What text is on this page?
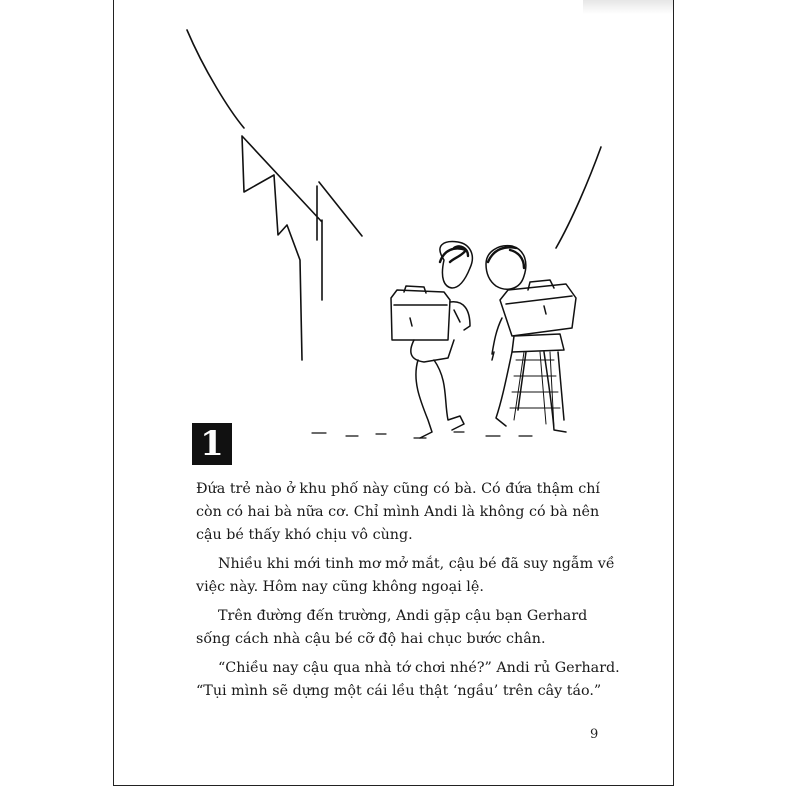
1

Đứa trẻ nào ở khu phố này cũng có bà. Có đứa thậm chí
còn có hai bà nữa cơ. Chỉ mình Andi là không có bà nên
cậu bé thấy khó chịu vô cùng.

Nhiều khi mới tinh mơ mở mắt, cậu bé đã suy ngẫm về
việc này. Hôm nay cũng không ngoại lệ.

Trên đường đến trường, Andi gặp cậu bạn Gerhard
sống cách nhà cậu bé cỡ độ hai chục bước chân.

“Chiều nay cậu qua nhà tớ chơi nhé?” Andi rủ Gerhard.
“Tụi mình sẽ dựng một cái lều thật ‘ngầu’ trên cây táo.”

9
